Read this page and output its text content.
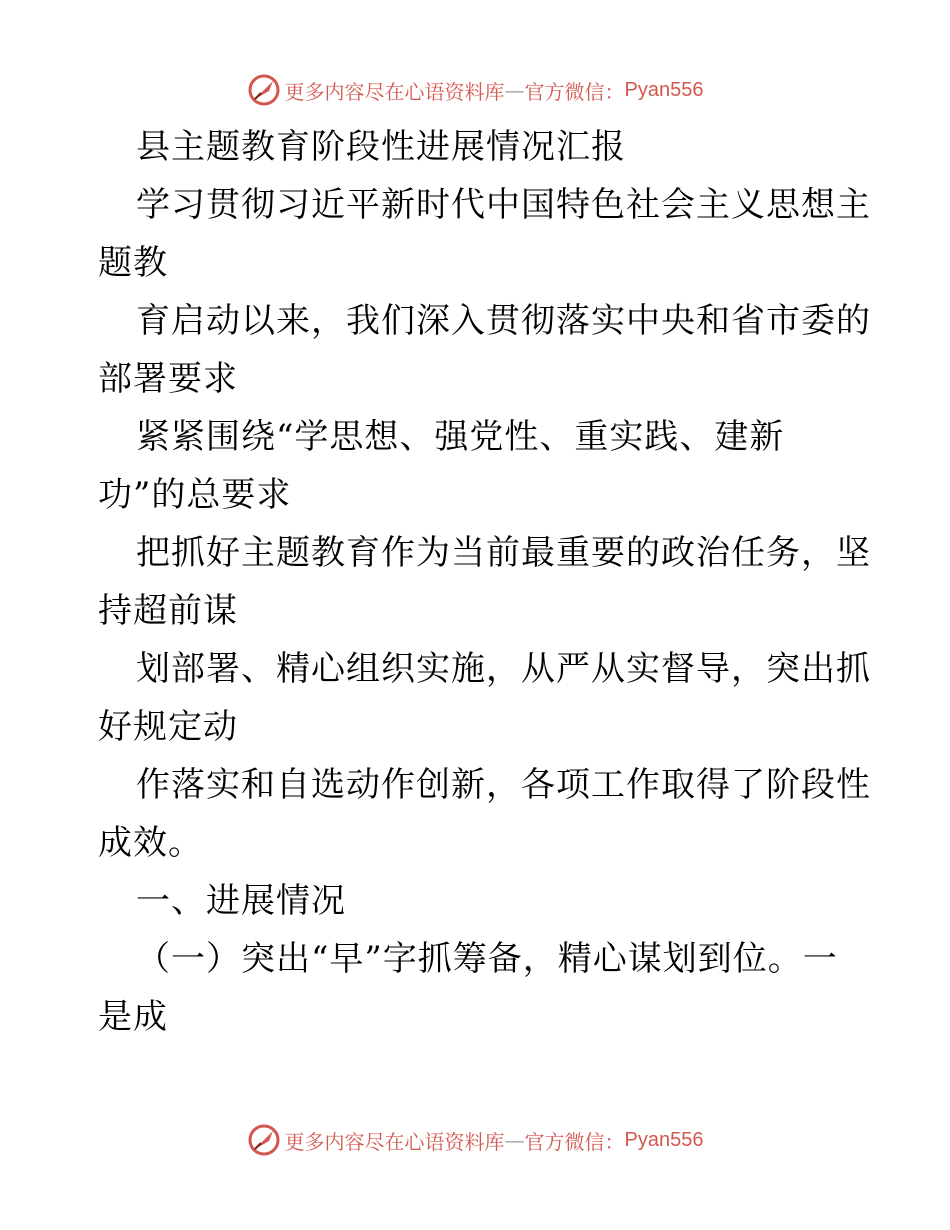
更多内容尽在心语资料库 — 官方微信： Pyan556
县主题教育阶段性进展情况汇报
学习贯彻习近平新时代中国特色社会主义思想主
题教
育启动以来，我们深入贯彻落实中央和省市委的
部署要求
紧紧围绕“学思想、强党性、重实践、建新
功”的总要求
把抓好主题教育作为当前最重要的政治任务，坚
持超前谋
划部署、精心组织实施，从严从实督导，突出抓
好规定动
作落实和自选动作创新，各项工作取得了阶段性
成效。
一、进展情况
（一）突出“早”字抓筹备，精心谋划到位。一
是成
更多内容尽在心语资料库 — 官方微信： Pyan556
